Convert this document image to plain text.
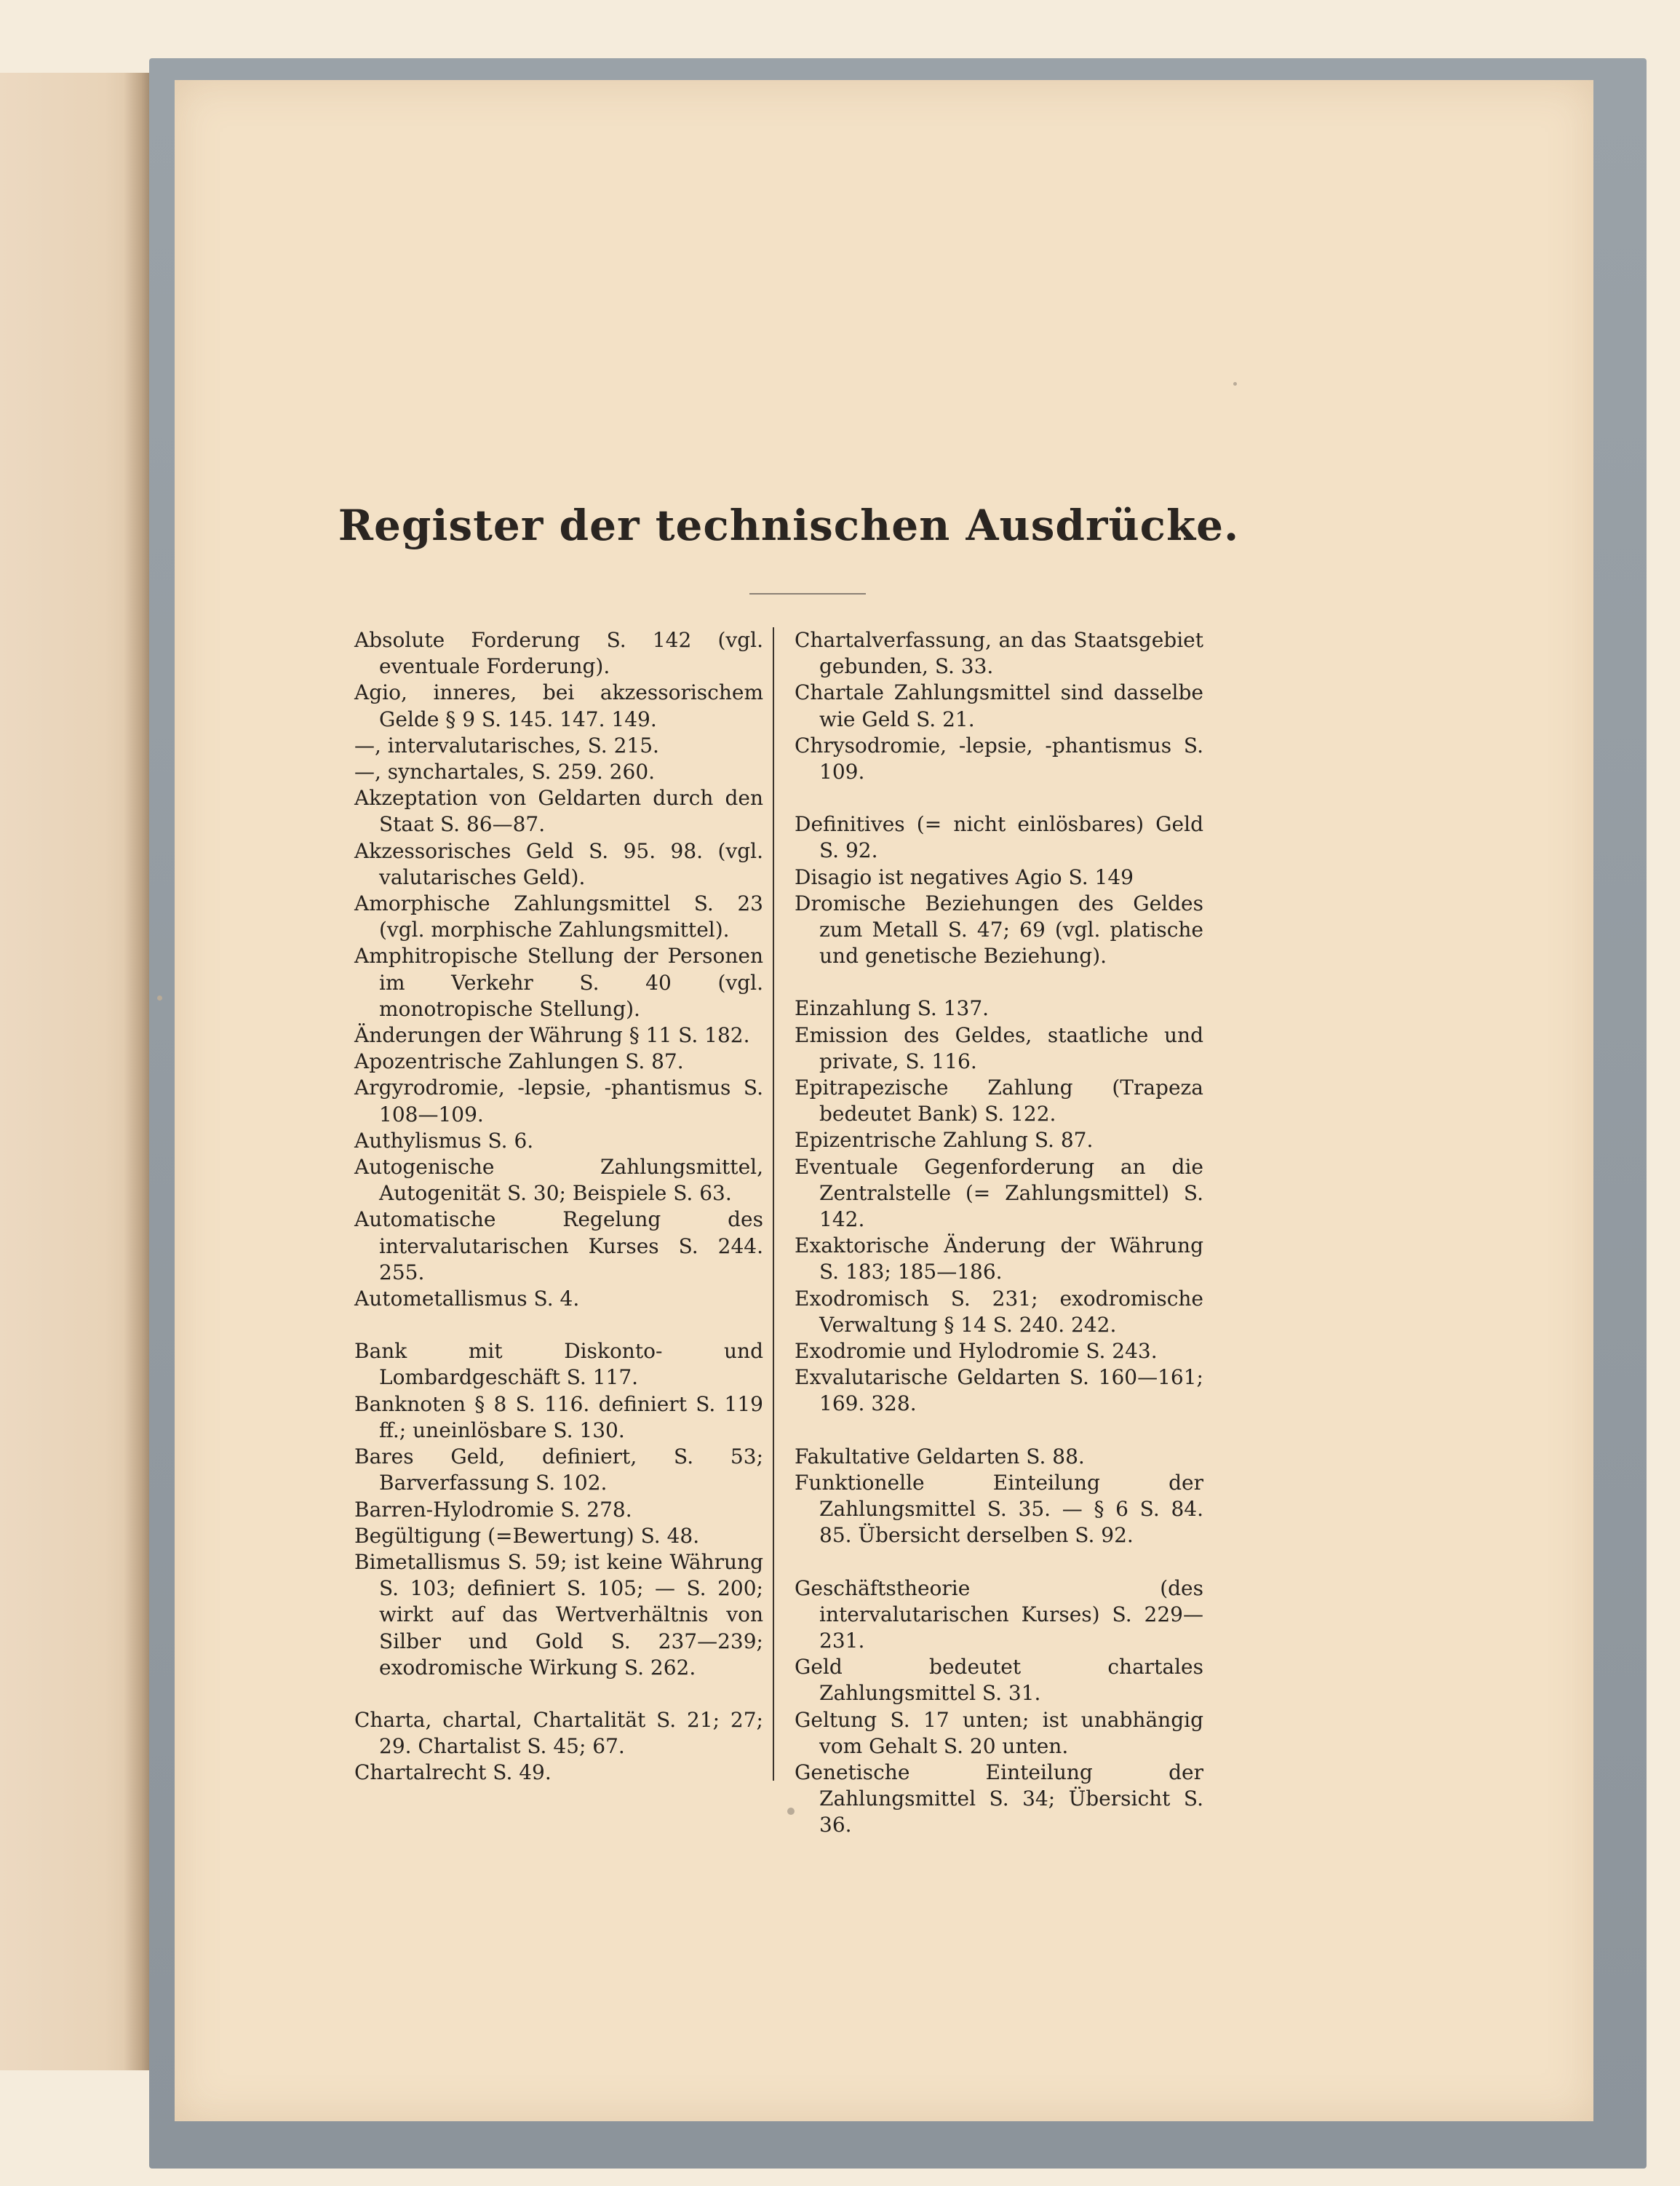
Register der technischen Ausdrücke.

Absolute Forderung S. 142 (vgl. eventuale Forderung).

Agio, inneres, bei akzessorischem Gelde § 9 S. 145. 147. 149.

—, intervalutarisches, S. 215.

—, synchartales, S. 259. 260.

Akzeptation von Geldarten durch den Staat S. 86—87.

Akzessorisches Geld S. 95. 98. (vgl. valutarisches Geld).

Amorphische Zahlungsmittel S. 23 (vgl. morphische Zahlungsmittel).

Amphitropische Stellung der Personen im Verkehr S. 40 (vgl. monotropische Stellung).

Änderungen der Währung § 11 S. 182.

Apozentrische Zahlungen S. 87.

Argyrodromie, -lepsie, -phantismus S. 108—109.

Authylismus S. 6.

Autogenische Zahlungsmittel, Autogenität S. 30; Beispiele S. 63.

Automatische Regelung des intervalutarischen Kurses S. 244. 255.

Autometallismus S. 4.

Bank mit Diskonto- und Lombardgeschäft S. 117.

Banknoten § 8 S. 116. definiert S. 119 ff.; uneinlösbare S. 130.

Bares Geld, definiert, S. 53; Barverfassung S. 102.

Barren-Hylodromie S. 278.

Begültigung (=Bewertung) S. 48.

Bimetallismus S. 59; ist keine Währung S. 103; definiert S. 105; — S. 200; wirkt auf das Wertverhältnis von Silber und Gold S. 237—239; exodromische Wirkung S. 262.

Charta, chartal, Chartalität S. 21; 27; 29. Chartalist S. 45; 67.

Chartalrecht S. 49.

Chartalverfassung, an das Staatsgebiet gebunden, S. 33.

Chartale Zahlungsmittel sind dasselbe wie Geld S. 21.

Chrysodromie, -lepsie, -phantismus S. 109.

Definitives (= nicht einlösbares) Geld S. 92.

Disagio ist negatives Agio S. 149

Dromische Beziehungen des Geldes zum Metall S. 47; 69 (vgl. platische und genetische Beziehung).

Einzahlung S. 137.

Emission des Geldes, staatliche und private, S. 116.

Epitrapezische Zahlung (Trapeza bedeutet Bank) S. 122.

Epizentrische Zahlung S. 87.

Eventuale Gegenforderung an die Zentralstelle (= Zahlungsmittel) S. 142.

Exaktorische Änderung der Währung S. 183; 185—186.

Exodromisch S. 231; exodromische Verwaltung § 14 S. 240. 242.

Exodromie und Hylodromie S. 243.

Exvalutarische Geldarten S. 160—161; 169. 328.

Fakultative Geldarten S. 88.

Funktionelle Einteilung der Zahlungsmittel S. 35. — § 6 S. 84. 85. Übersicht derselben S. 92.

Geschäftstheorie (des intervalutarischen Kurses) S. 229—231.

Geld bedeutet chartales Zahlungsmittel S. 31.

Geltung S. 17 unten; ist unabhängig vom Gehalt S. 20 unten.

Genetische Einteilung der Zahlungsmittel S. 34; Übersicht S. 36.
